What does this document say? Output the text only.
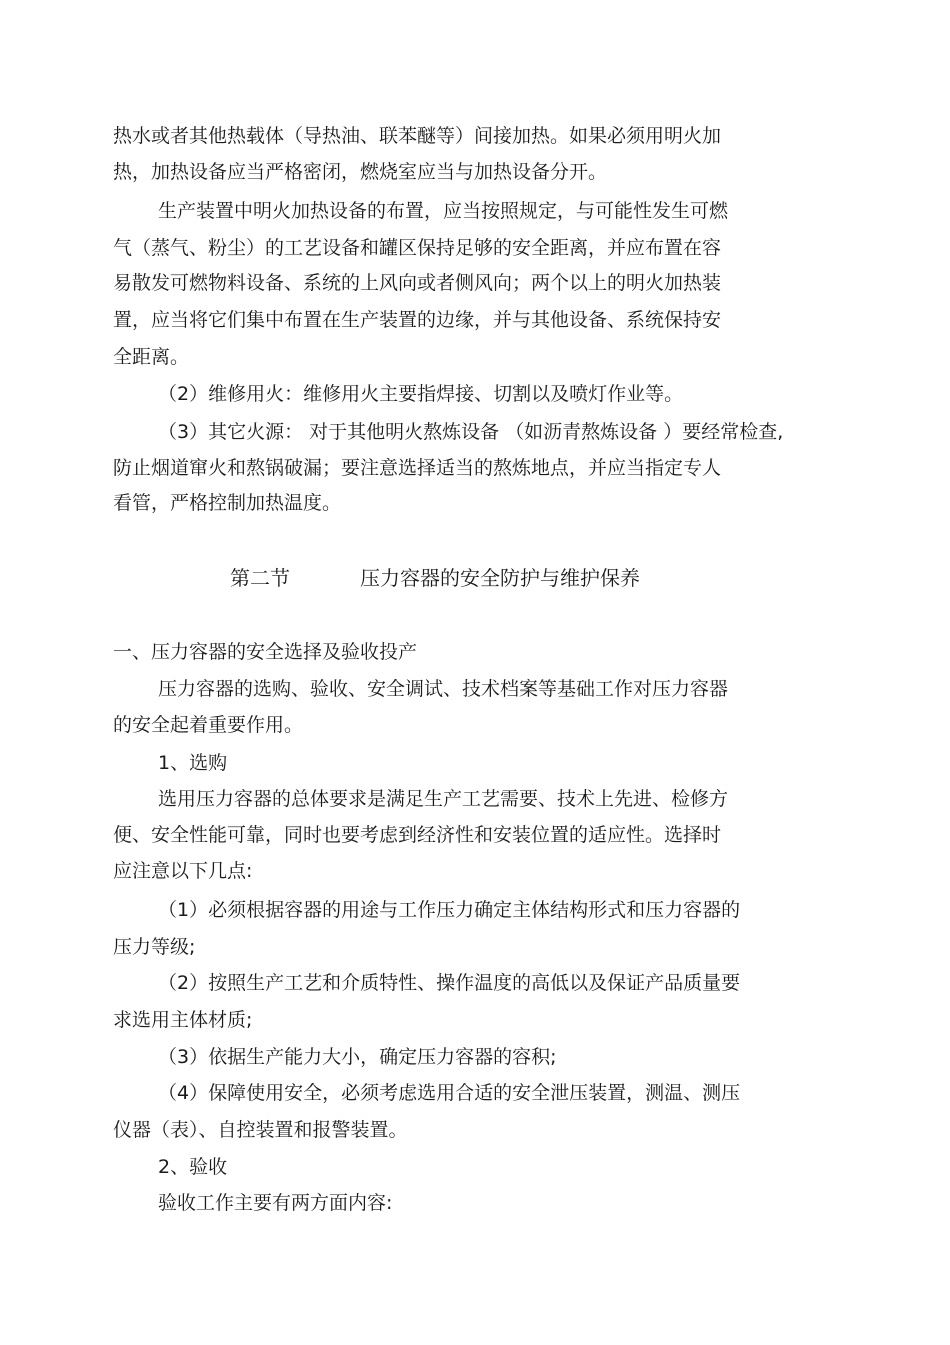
热水或者其他热载体（导热油、联苯醚等）间接加热。如果必须用明火加
热，加热设备应当严格密闭，燃烧室应当与加热设备分开。
生产装置中明火加热设备的布置，应当按照规定，与可能性发生可燃
气（蒸气、粉尘）的工艺设备和罐区保持足够的安全距离，并应布置在容
易散发可燃物料设备、系统的上风向或者侧风向；两个以上的明火加热装
置，应当将它们集中布置在生产装置的边缘，并与其他设备、系统保持安
全距离。
（2）维修用火：维修用火主要指焊接、切割以及喷灯作业等。
（3）其它火源： 对于其他明火熬炼设备 （如沥青熬炼设备 ）要经常检查,
防止烟道窜火和熬锅破漏；要注意选择适当的熬炼地点，并应当指定专人
看管，严格控制加热温度。
第二节	压力容器的安全防护与维护保养
一、压力容器的安全选择及验收投产
压力容器的选购、验收、安全调试、技术档案等基础工作对压力容器
的安全起着重要作用。
1、选购
选用压力容器的总体要求是满足生产工艺需要、技术上先进、检修方
便、安全性能可靠，同时也要考虑到经济性和安装位置的适应性。选择时
应注意以下几点:
（1）必须根据容器的用途与工作压力确定主体结构形式和压力容器的
压力等级;
（2）按照生产工艺和介质特性、操作温度的高低以及保证产品质量要
求选用主体材质;
（3）依据生产能力大小，确定压力容器的容积;
（4）保障使用安全，必须考虑选用合适的安全泄压装置，测温、测压
仪器（表）、自控装置和报警装置。
2、验收
验收工作主要有两方面内容:
